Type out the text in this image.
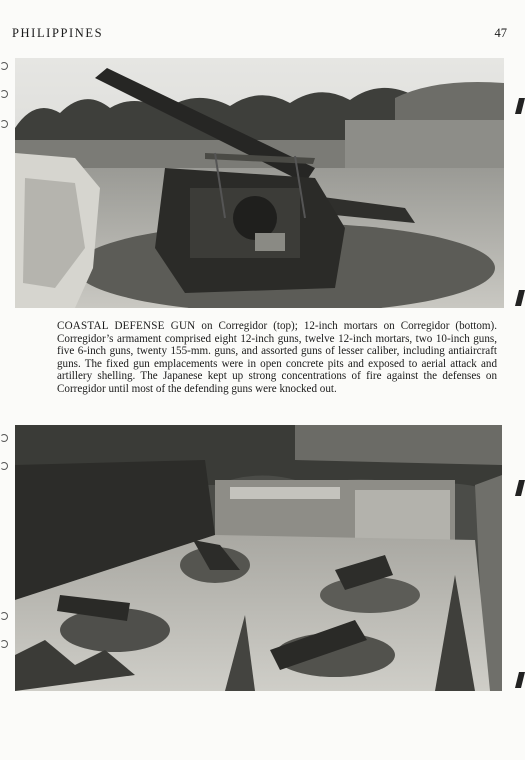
PHILIPPINES	47
COASTAL DEFENSE GUN on Corregidor (top); 12-inch mortars on Corregidor (bottom). Corregidor’s armament comprised eight 12-inch guns, twelve 12-inch mortars, two 10-inch guns, five 6-inch guns, twenty 155-mm. guns, and assorted guns of lesser caliber, including antiaircraft guns. The fixed gun emplacements were in open concrete pits and exposed to aerial attack and artillery shelling. The Japanese kept up strong concentrations of fire against the defenses on Corregidor until most of the defending guns were knocked out.
